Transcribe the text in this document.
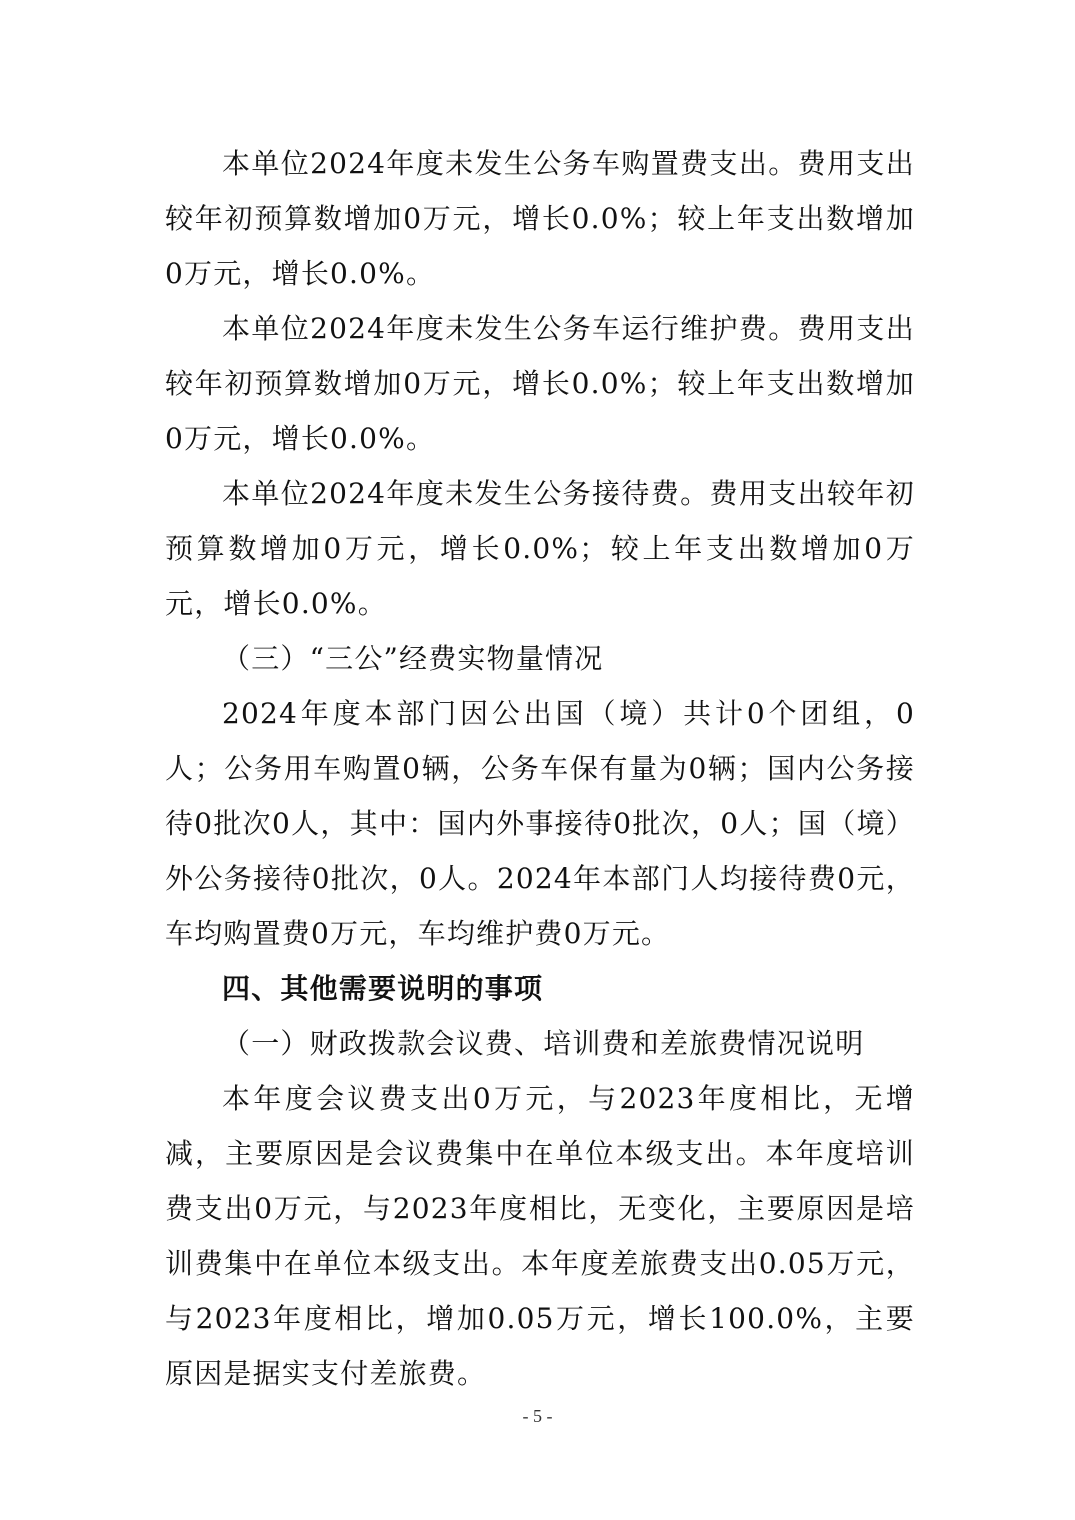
本单位2024年度未发生公务车购置费支出。费用支出较年初预算数增加0万元，增长0.0%；较上年支出数增加0万元，增长0.0%。

本单位2024年度未发生公务车运行维护费。费用支出较年初预算数增加0万元，增长0.0%；较上年支出数增加0万元，增长0.0%。

本单位2024年度未发生公务接待费。费用支出较年初预算数增加0万元，增长0.0%；较上年支出数增加0万元，增长0.0%。

（三）“三公”经费实物量情况

2024年度本部门因公出国（境）共计0个团组，0人；公务用车购置0辆，公务车保有量为0辆；国内公务接待0批次0人，其中：国内外事接待0批次，0人；国（境）外公务接待0批次，0人。2024年本部门人均接待费0元，车均购置费0万元，车均维护费0万元。

四、其他需要说明的事项

（一）财政拨款会议费、培训费和差旅费情况说明

本年度会议费支出0万元，与2023年度相比，无增减，主要原因是会议费集中在单位本级支出。本年度培训费支出0万元，与2023年度相比，无变化，主要原因是培训费集中在单位本级支出。本年度差旅费支出0.05万元，与2023年度相比，增加0.05万元，增长100.0%，主要原因是据实支付差旅费。

- 5 -
